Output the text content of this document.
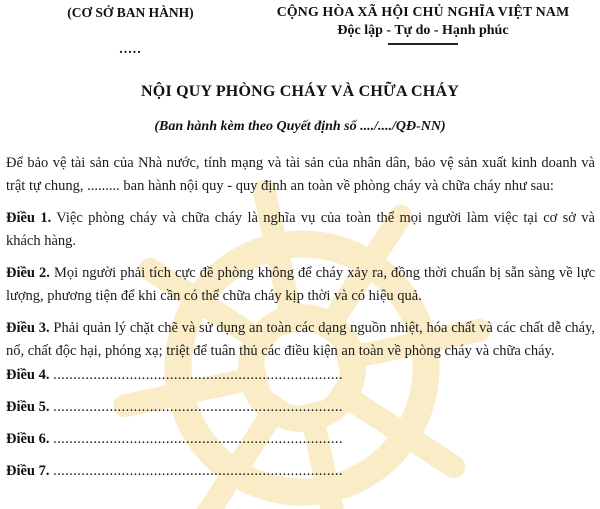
(CƠ SỞ BAN HÀNH)
.....
CỘNG HÒA XÃ HỘI CHỦ NGHĨA VIỆT NAM
Độc lập - Tự do - Hạnh phúc
NỘI QUY PHÒNG CHÁY VÀ CHỮA CHÁY
(Ban hành kèm theo Quyết định số ..../..../QĐ-NN)

Để bảo vệ tài sản của Nhà nước, tính mạng và tài sản của nhân dân, bảo vệ sản xuất kinh doanh và trật tự chung, ......... ban hành nội quy - quy định an toàn về phòng cháy và chữa cháy như sau:

Điều 1. Việc phòng cháy và chữa cháy là nghĩa vụ của toàn thể mọi người làm việc tại cơ sở và khách hàng.

Điều 2. Mọi người phải tích cực đề phòng không để cháy xảy ra, đồng thời chuẩn bị sẵn sàng về lực lượng, phương tiện để khi cần có thể chữa cháy kịp thời và có hiệu quả.

Điều 3. Phải quản lý chặt chẽ và sử dụng an toàn các dạng nguồn nhiệt, hóa chất và các chất dễ cháy, nổ, chất độc hại, phóng xạ; triệt để tuân thủ các điều kiện an toàn về phòng cháy và chữa cháy.

Điều 4. ........................................................................

Điều 5. ........................................................................

Điều 6. ........................................................................

Điều 7. ........................................................................
